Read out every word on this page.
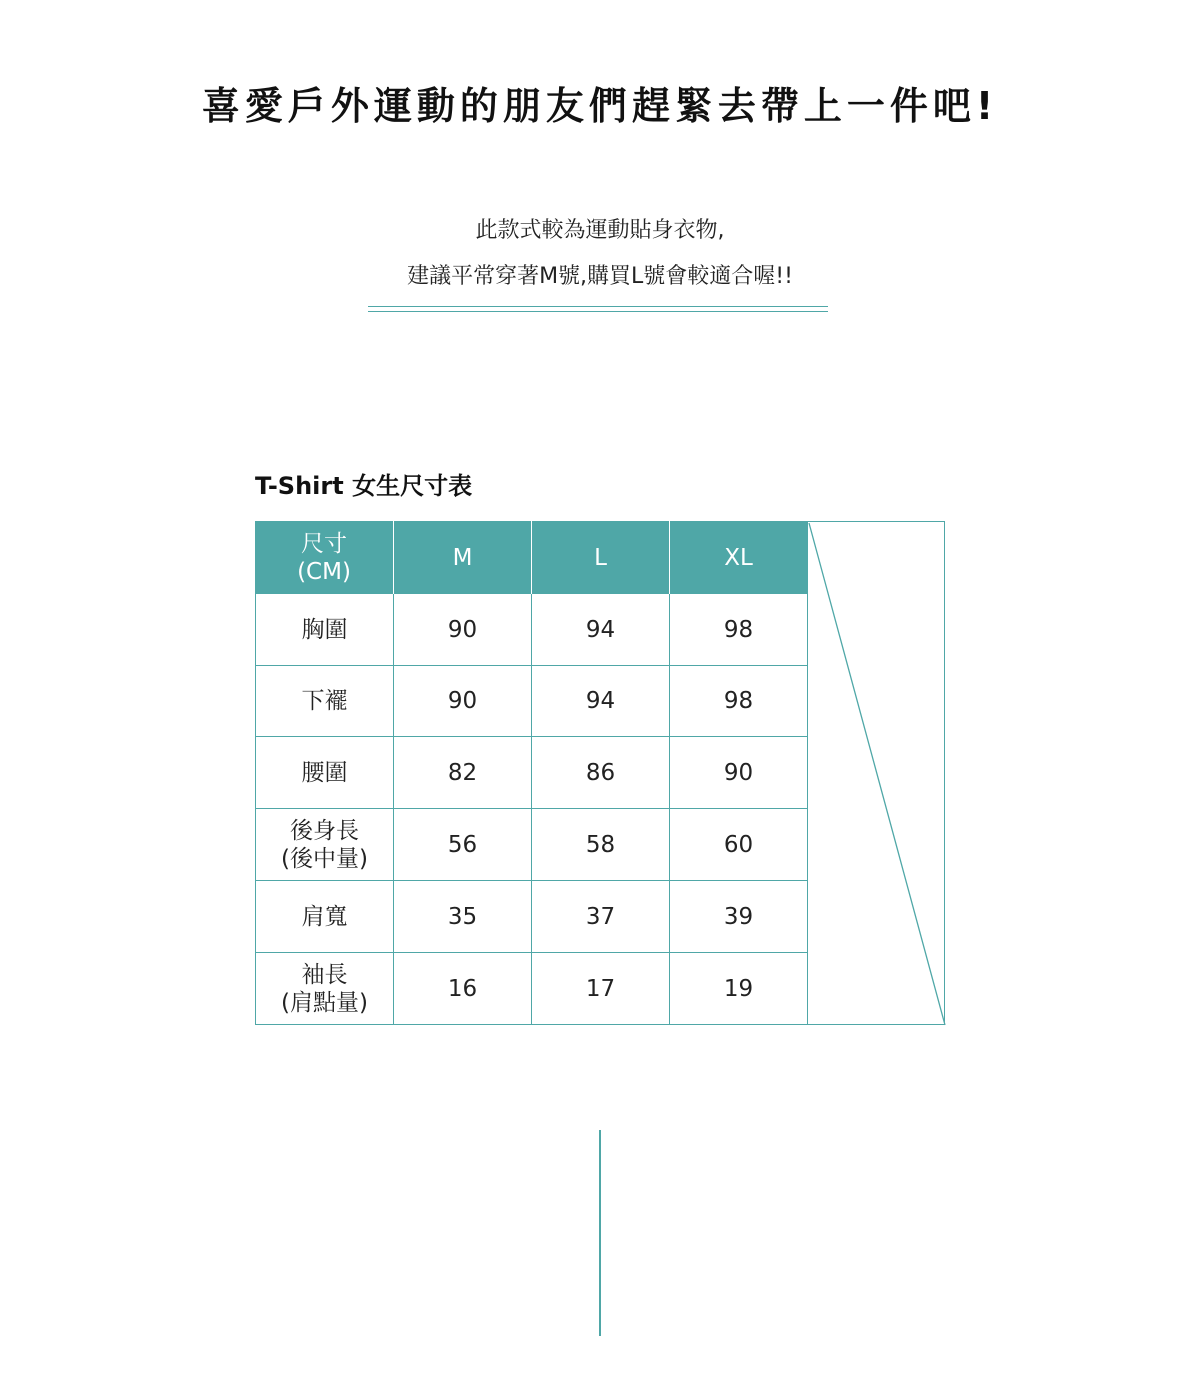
喜愛戶外運動的朋友們趕緊去帶上一件吧!

此款式較為運動貼身衣物,

建議平常穿著M號,購買L號會較適合喔!!

T-Shirt 女生尺寸表
尺寸
(CM)
M	L	XL
胸圍	90	94	98
下襬	90	94	98
腰圍	82	86	90
後身長
(後中量)
56	58	60
肩寬	35	37	39
袖長
(肩點量)
16	17	19
